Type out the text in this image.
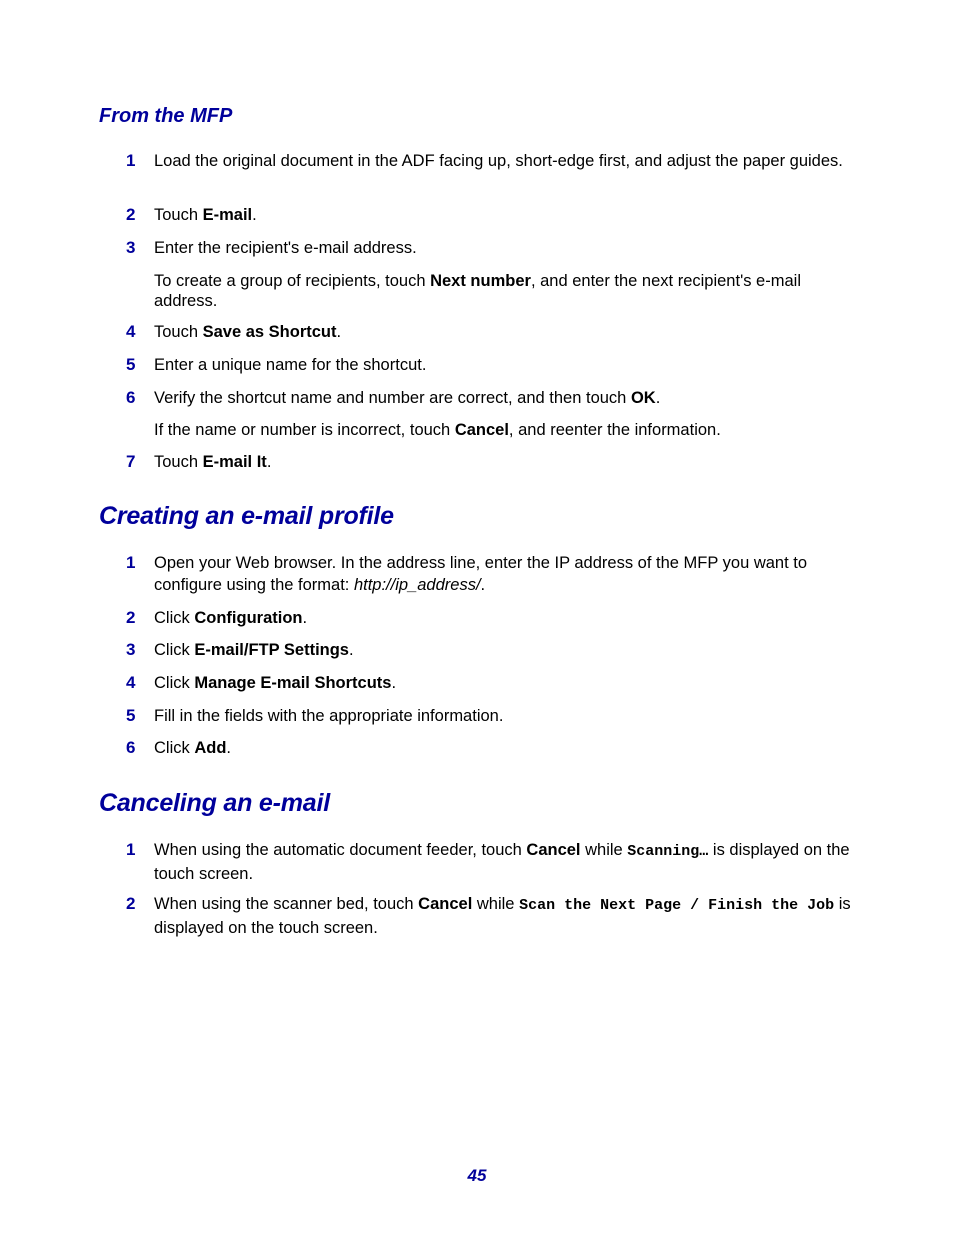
From the MFP
1 Load the original document in the ADF facing up, short-edge first, and adjust the paper guides.
2 Touch E-mail.
3 Enter the recipient's e-mail address.
To create a group of recipients, touch Next number, and enter the next recipient's e-mail address.
4 Touch Save as Shortcut.
5 Enter a unique name for the shortcut.
6 Verify the shortcut name and number are correct, and then touch OK.
If the name or number is incorrect, touch Cancel, and reenter the information.
7 Touch E-mail It.
Creating an e-mail profile
1 Open your Web browser. In the address line, enter the IP address of the MFP you want to configure using the format: http://ip_address/.
2 Click Configuration.
3 Click E-mail/FTP Settings.
4 Click Manage E-mail Shortcuts.
5 Fill in the fields with the appropriate information.
6 Click Add.
Canceling an e-mail
1 When using the automatic document feeder, touch Cancel while Scanning… is displayed on the touch screen.
2 When using the scanner bed, touch Cancel while Scan the Next Page / Finish the Job is displayed on the touch screen.
45
